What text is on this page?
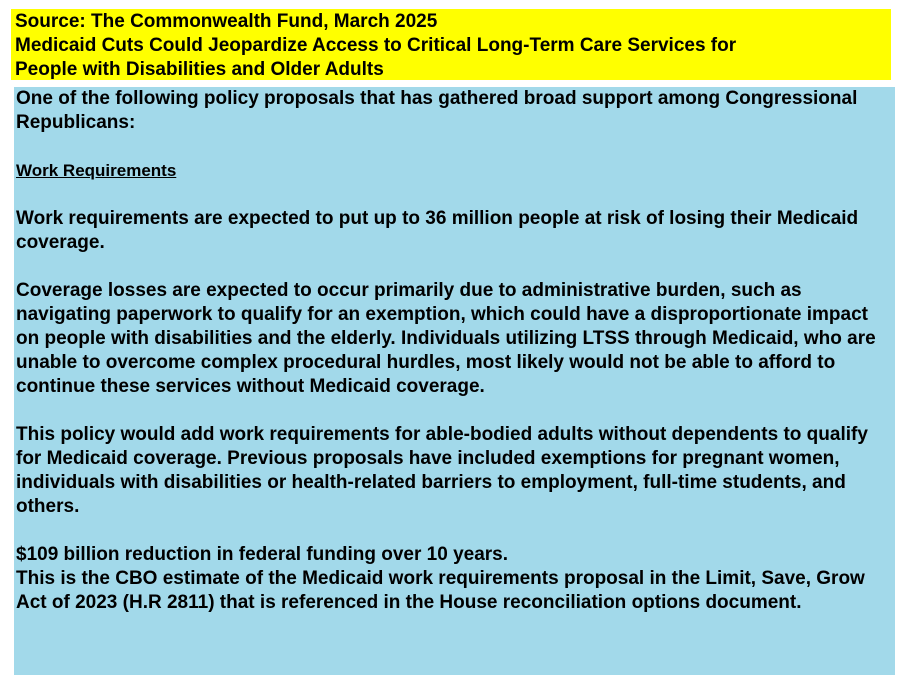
Source: The Commonwealth Fund, March 2025
Medicaid Cuts Could Jeopardize Access to Critical Long-Term Care Services for
People with Disabilities and Older Adults

One of the following policy proposals that has gathered broad support among Congressional Republicans:

Work Requirements

Work requirements are expected to put up to 36 million people at risk of losing their Medicaid coverage.

Coverage losses are expected to occur primarily due to administrative burden, such as navigating paperwork to qualify for an exemption, which could have a disproportionate impact on people with disabilities and the elderly. Individuals utilizing LTSS through Medicaid, who are unable to overcome complex procedural hurdles, most likely would not be able to afford to continue these services without Medicaid coverage.

This policy would add work requirements for able-bodied adults without dependents to qualify for Medicaid coverage. Previous proposals have included exemptions for pregnant women, individuals with disabilities or health-related barriers to employment, full-time students, and others.

$109 billion reduction in federal funding over 10 years.

This is the CBO estimate of the Medicaid work requirements proposal in the Limit, Save, Grow Act of 2023 (H.R 2811) that is referenced in the House reconciliation options document.
